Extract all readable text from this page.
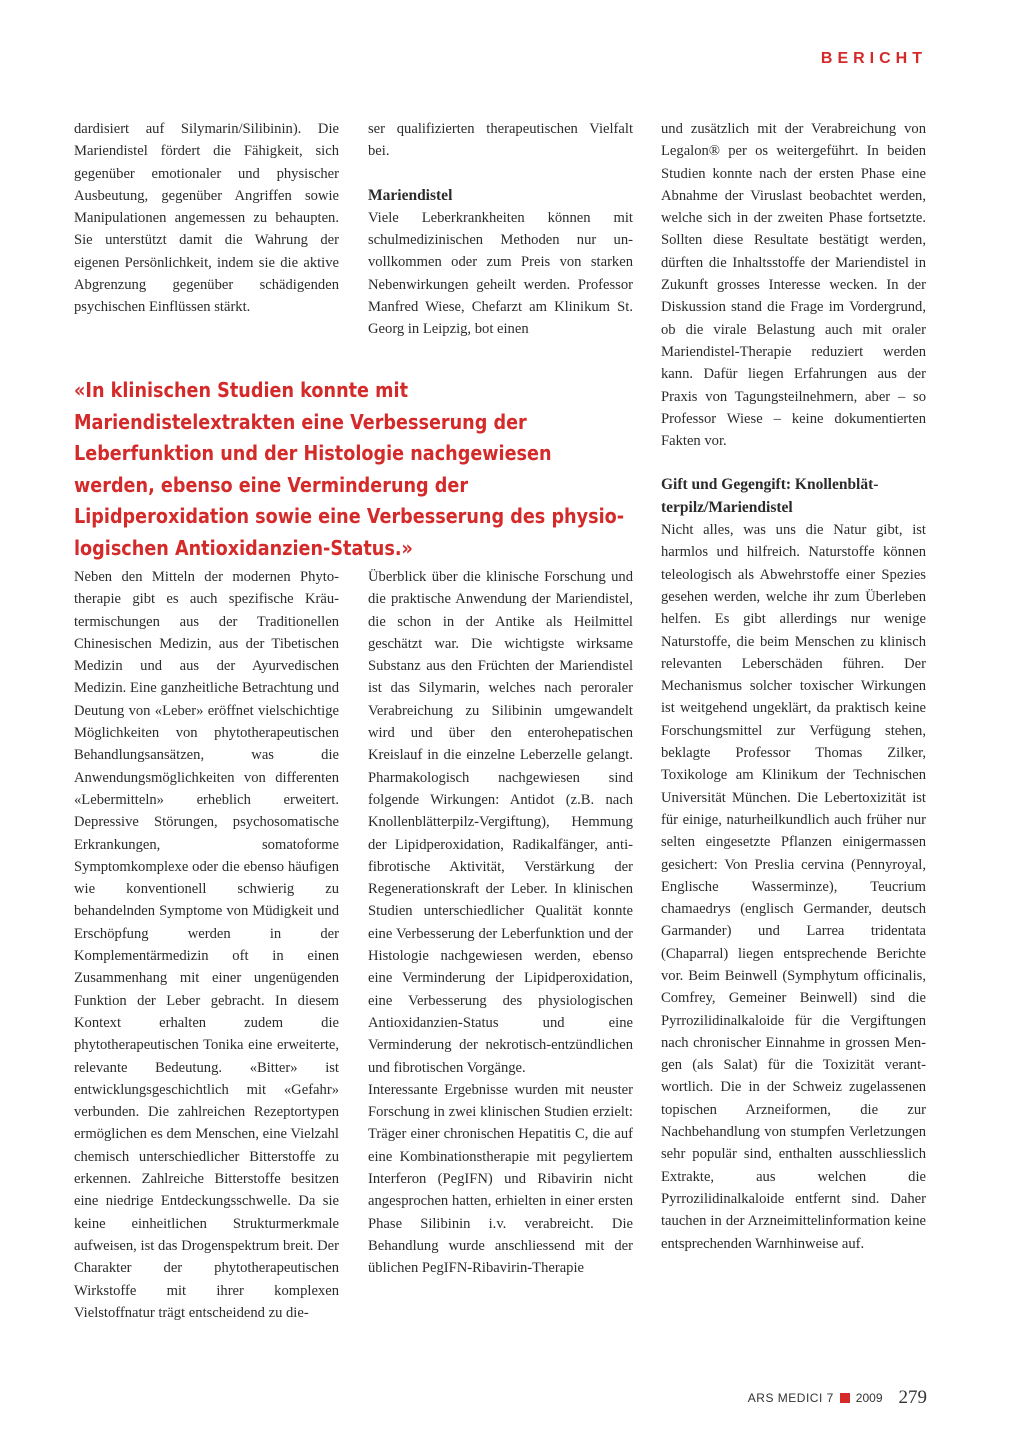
BERICHT

dardisiert auf Silymarin/Silibinin). Die Mariendistel fördert die Fähigkeit, sich gegenüber emotionaler und physischer Ausbeutung, gegenüber Angriffen sowie Manipulationen angemessen zu behaupten. Sie unterstützt damit die Wahrung der eigenen Persönlichkeit, indem sie die aktive Abgrenzung gegenüber schädigenden psychischen Einflüssen stärkt.

ser qualifizierten therapeutischen Vielfalt bei.

Mariendistel

Viele Leberkrankheiten können mit schulmedizinischen Methoden nur unvollkommen oder zum Preis von starken Nebenwirkungen geheilt werden. Professor Manfred Wiese, Chefarzt am Klinikum St. Georg in Leipzig, bot einen

«In klinischen Studien konnte mit Mariendistelextrakten eine Verbesserung der Leberfunktion und der Histologie nachgewiesen werden, ebenso eine Verminderung der Lipidperoxidation sowie eine Verbesserung des physiologischen Antioxidanzien-Status.»

Neben den Mitteln der modernen Phytotherapie gibt es auch spezifische Kräutermischungen aus der Traditionellen Chinesischen Medizin, aus der Tibetischen Medizin und aus der Ayurvedischen Medizin. Eine ganzheitliche Betrachtung und Deutung von «Leber» eröffnet vielschichtige Möglichkeiten von phytotherapeutischen Behandlungsansätzen, was die Anwendungsmöglichkeiten von differenten «Lebermitteln» erheblich erweitert. Depressive Störungen, psychosomatische Erkrankungen, somatoforme Symptomkomplexe oder die ebenso häufigen wie konventionell schwierig zu behandelnden Symptome von Müdigkeit und Erschöpfung werden in der Komplementärmedizin oft in einen Zusammenhang mit einer ungenügenden Funktion der Leber gebracht. In diesem Kontext erhalten zudem die phytotherapeutischen Tonika eine erweiterte, relevante Bedeutung. «Bitter» ist entwicklungsgeschichtlich mit «Gefahr» verbunden. Die zahlreichen Rezeptortypen ermöglichen es dem Menschen, eine Vielzahl chemisch unterschiedlicher Bitterstoffe zu erkennen. Zahlreiche Bitterstoffe besitzen eine niedrige Entdeckungsschwelle. Da sie keine einheitlichen Strukturmerkmale aufweisen, ist das Drogenspektrum breit. Der Charakter der phytotherapeutischen Wirkstoffe mit ihrer komplexen Vielstoffnatur trägt entscheidend zu die-

Überblick über die klinische Forschung und die praktische Anwendung der Mariendistel, die schon in der Antike als Heilmittel geschätzt war. Die wichtigste wirksame Substanz aus den Früchten der Mariendistel ist das Silymarin, welches nach peroraler Verabreichung zu Silibinin umgewandelt wird und über den enterohepatischen Kreislauf in die einzelne Leberzelle gelangt. Pharmakologisch nachgewiesen sind folgende Wirkungen: Antidot (z.B. nach Knollenblätterpilz-Vergiftung), Hemmung der Lipidperoxidation, Radikalfänger, antifibrotische Aktivität, Verstärkung der Regenerationskraft der Leber. In klinischen Studien unterschiedlicher Qualität konnte eine Verbesserung der Leberfunktion und der Histologie nachgewiesen werden, ebenso eine Verminderung der Lipidperoxidation, eine Verbesserung des physiologischen Antioxidanzien-Status und eine Verminderung der nekrotisch-entzündlichen und fibrotischen Vorgänge.

Interessante Ergebnisse wurden mit neuster Forschung in zwei klinischen Studien erzielt: Träger einer chronischen Hepatitis C, die auf eine Kombinationstherapie mit pegyliertem Interferon (PegIFN) und Ribavirin nicht angesprochen hatten, erhielten in einer ersten Phase Silibinin i.v. verabreicht. Die Behandlung wurde anschliessend mit der üblichen PegIFN-Ribavirin-Therapie

und zusätzlich mit der Verabreichung von Legalon® per os weitergeführt. In beiden Studien konnte nach der ersten Phase eine Abnahme der Viruslast beobachtet werden, welche sich in der zweiten Phase fortsetzte. Sollten diese Resultate bestätigt werden, dürften die Inhaltsstoffe der Mariendistel in Zukunft grosses Interesse wecken. In der Diskussion stand die Frage im Vordergrund, ob die virale Belastung auch mit oraler Mariendistel-Therapie reduziert werden kann. Dafür liegen Erfahrungen aus der Praxis von Tagungsteilnehmern, aber – so Professor Wiese – keine dokumentierten Fakten vor.

Gift und Gegengift: Knollenblätterpilz/Mariendistel

Nicht alles, was uns die Natur gibt, ist harmlos und hilfreich. Naturstoffe können teleologisch als Abwehrstoffe einer Spezies gesehen werden, welche ihr zum Überleben helfen. Es gibt allerdings nur wenige Naturstoffe, die beim Menschen zu klinisch relevanten Leberschäden führen. Der Mechanismus solcher toxischer Wirkungen ist weitgehend ungeklärt, da praktisch keine Forschungsmittel zur Verfügung stehen, beklagte Professor Thomas Zilker, Toxikologe am Klinikum der Technischen Universität München. Die Lebertoxizität ist für einige, naturheilkundlich auch früher nur selten eingesetzte Pflanzen einigermassen gesichert: Von Preslia cervina (Pennyroyal, Englische Wasserminze), Teucrium chamaedrys (englisch Germander, deutsch Garmander) und Larrea tridentata (Chaparral) liegen entsprechende Berichte vor. Beim Beinwell (Symphytum officinalis, Comfrey, Gemeiner Beinwell) sind die Pyrrozilidinalkaloide für die Vergiftungen nach chronischer Einnahme in grossen Mengen (als Salat) für die Toxizität verantwortlich. Die in der Schweiz zugelassenen topischen Arzneiformen, die zur Nachbehandlung von stumpfen Verletzungen sehr populär sind, enthalten ausschliesslich Extrakte, aus welchen die Pyrrozilidinalkaloide entfernt sind. Daher tauchen in der Arzneimittelinformation keine entsprechenden Warnhinweise auf.

ARS MEDICI 7 2009 279
